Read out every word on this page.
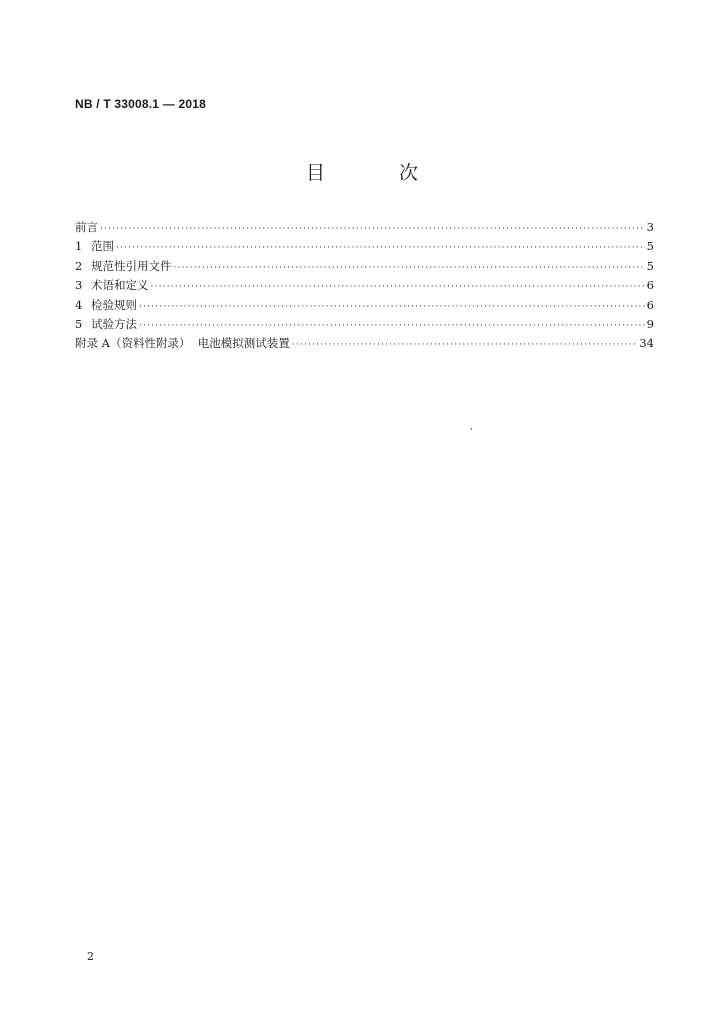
NB / T 33008.1 — 2018
目 次
前言 ·····	3
1 范围 ·····	5
2 规范性引用文件 ·····	5
3 术语和定义 ·····	6
4 检验规则 ·····	6
5 试验方法 ·····	9
附录 A（资料性附录）  电池模拟测试装置 ·····	34
2
